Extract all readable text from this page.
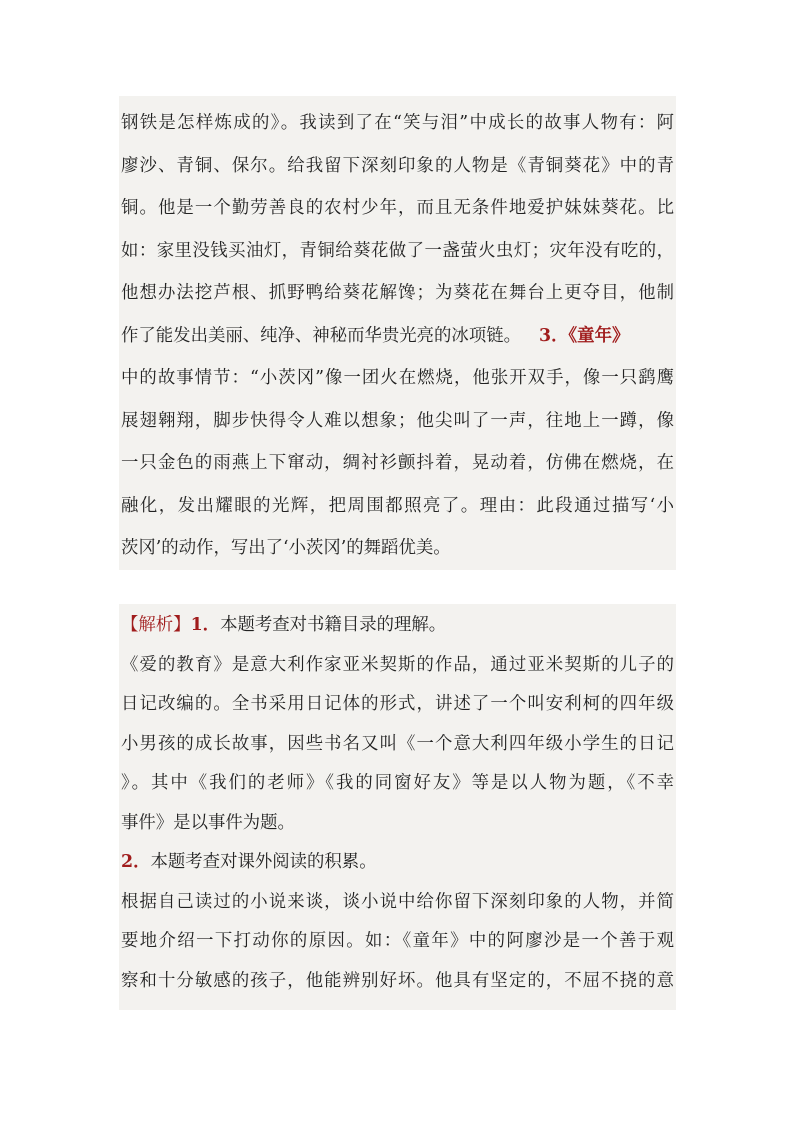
钢铁是怎样炼成的》。我读到了在“笑与泪”中成长的故事人物有：阿
廖沙、青铜、保尔。给我留下深刻印象的人物是《青铜葵花》中的青
铜。他是一个勤劳善良的农村少年，而且无条件地爱护妹妹葵花。比
如：家里没钱买油灯，青铜给葵花做了一盏萤火虫灯；灾年没有吃的，
他想办法挖芦根、抓野鸭给葵花解馋；为葵花在舞台上更夺目，他制
作了能发出美丽、纯净、神秘而华贵光亮的冰项链。 3．《童年》
中的故事情节：“小茨冈”像一团火在燃烧，他张开双手，像一只鹞鹰
展翅翱翔，脚步快得令人难以想象；他尖叫了一声，往地上一蹲，像
一只金色的雨燕上下窜动，绸衬衫颤抖着，晃动着，仿佛在燃烧，在
融化，发出耀眼的光辉，把周围都照亮了。理由：此段通过描写‘小
茨冈’的动作，写出了‘小茨冈’的舞蹈优美。
【解析】1．本题考查对书籍目录的理解。
《爱的教育》是意大利作家亚米契斯的作品，通过亚米契斯的儿子的
日记改编的。全书采用日记体的形式，讲述了一个叫安利柯的四年级
小男孩的成长故事，因些书名又叫《一个意大利四年级小学生的日记
》。其中《我们的老师》《我的同窗好友》等是以人物为题，《不幸
事件》是以事件为题。
2．本题考查对课外阅读的积累。
根据自己读过的小说来谈，谈小说中给你留下深刻印象的人物，并简
要地介绍一下打动你的原因。如：《童年》中的阿廖沙是一个善于观
察和十分敏感的孩子，他能辨别好坏。他具有坚定的，不屈不挠的意
